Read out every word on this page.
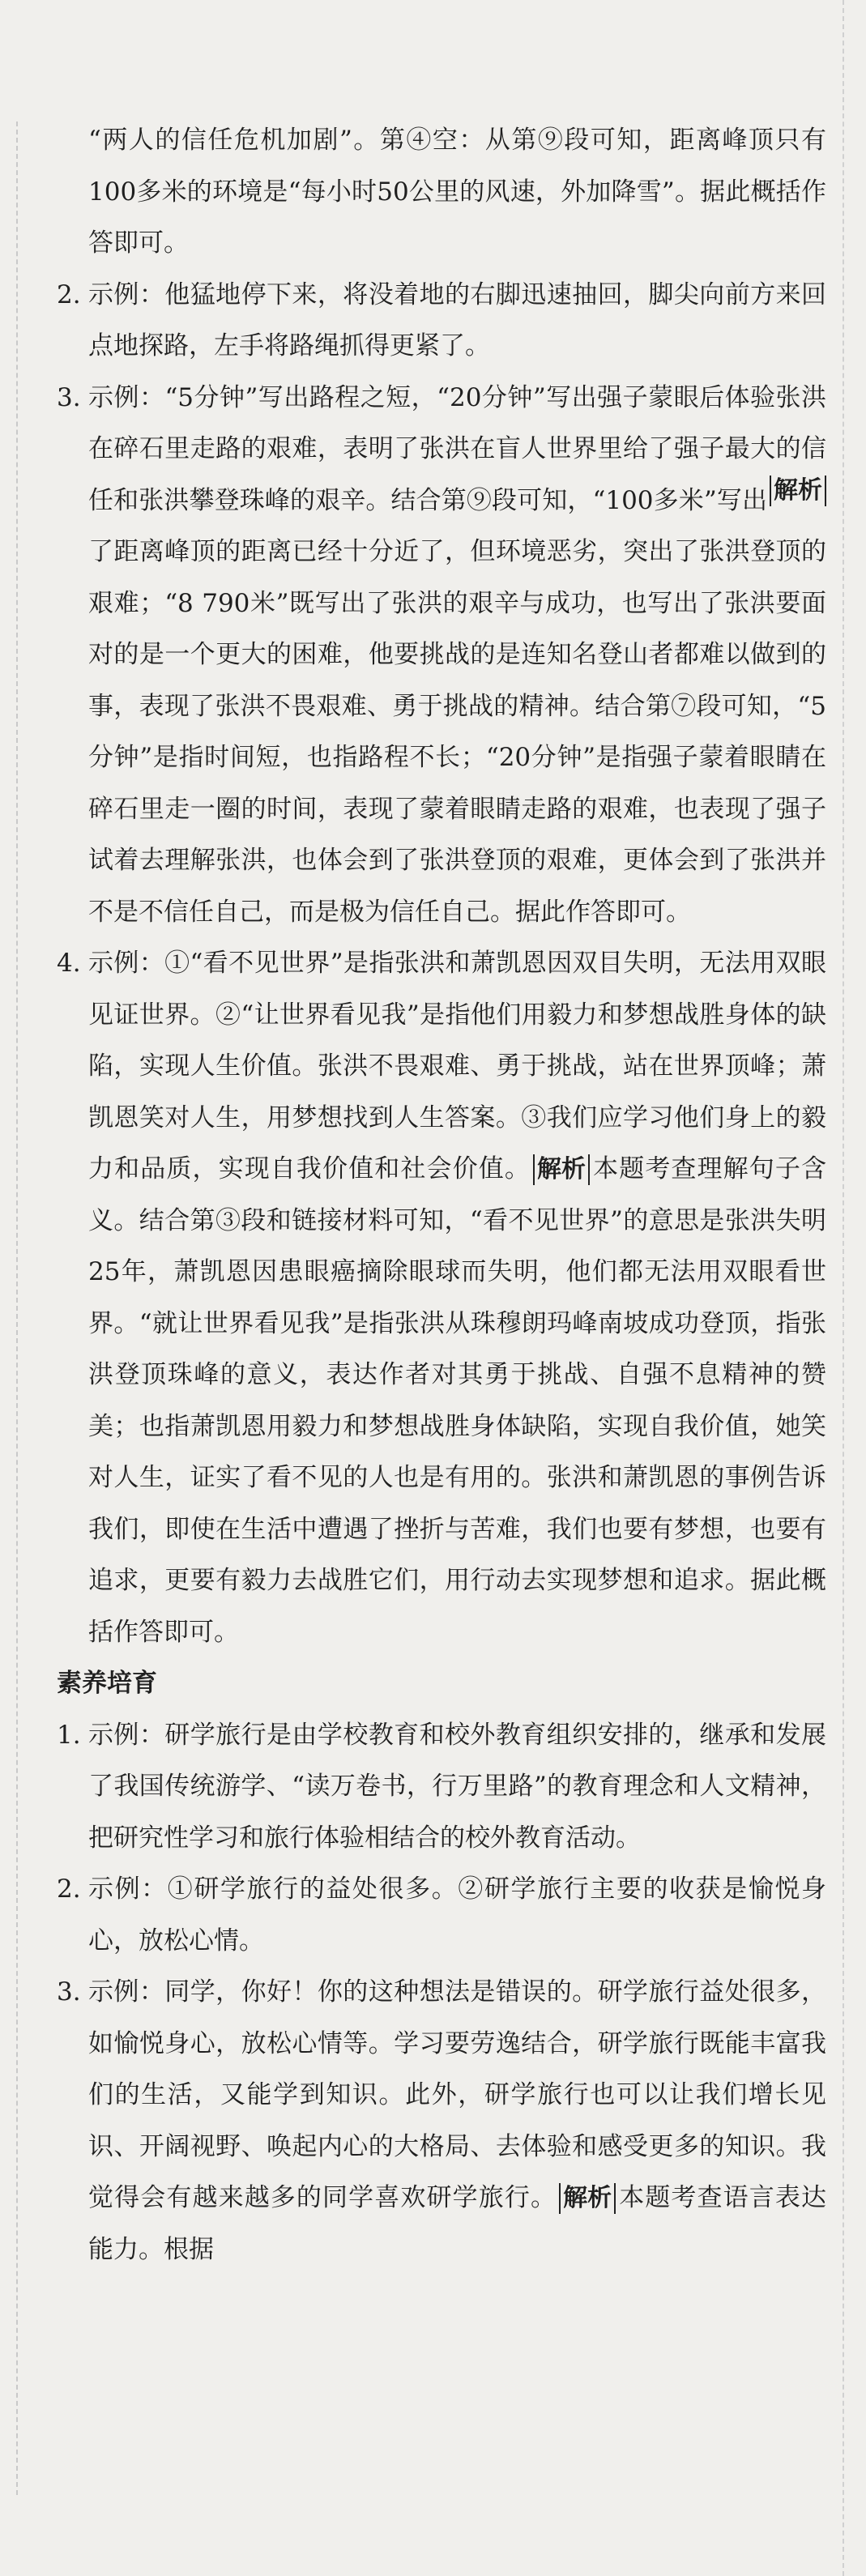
“两人的信任危机加剧”。第④空：从第⑨段可知，距离峰顶只有100多米的环境是“每小时50公里的风速，外加降雪”。据此概括作答即可。

2. 示例：他猛地停下来，将没着地的右脚迅速抽回，脚尖向前方来回点地探路，左手将路绳抓得更紧了。

3. 示例：“5分钟”写出路程之短，“20分钟”写出强子蒙眼后体验张洪在碎石里走路的艰难，表明了张洪在盲人世界里给了强子最大的信任和张洪攀登珠峰的艰辛。	解析
结合第⑨段可知，“100多米”写出了距离峰顶的距离已经十分近了，但环境恶劣，突出了张洪登顶的艰难；“8 790米”既写出了张洪的艰辛与成功，也写出了张洪要面对的是一个更大的困难，他要挑战的是连知名登山者都难以做到的事，表现了张洪不畏艰难、勇于挑战的精神。结合第⑦段可知，“5分钟”是指时间短，也指路程不长；“20分钟”是指强子蒙着眼睛在碎石里走一圈的时间，表现了蒙着眼睛走路的艰难，也表现了强子试着去理解张洪，也体会到了张洪登顶的艰难，更体会到了张洪并不是不信任自己，而是极为信任自己。据此作答即可。

4. 示例：①“看不见世界”是指张洪和萧凯恩因双目失明，无法用双眼见证世界。②“让世界看见我”是指他们用毅力和梦想战胜身体的缺陷，实现人生价值。张洪不畏艰难、勇于挑战，站在世界顶峰；萧凯恩笑对人生，用梦想找到人生答案。③我们应学习他们身上的毅力和品质，实现自我价值和社会价值。 解析 本题考查理解句子含义。结合第③段和链接材料可知，“看不见世界”的意思是张洪失明25年，萧凯恩因患眼癌摘除眼球而失明，他们都无法用双眼看世界。“就让世界看见我”是指张洪从珠穆朗玛峰南坡成功登顶，指张洪登顶珠峰的意义，表达作者对其勇于挑战、自强不息精神的赞美；也指萧凯恩用毅力和梦想战胜身体缺陷，实现自我价值，她笑对人生，证实了看不见的人也是有用的。张洪和萧凯恩的事例告诉我们，即使在生活中遭遇了挫折与苦难，我们也要有梦想，也要有追求，更要有毅力去战胜它们，用行动去实现梦想和追求。据此概括作答即可。

素养培育

1. 示例：研学旅行是由学校教育和校外教育组织安排的，继承和发展了我国传统游学、“读万卷书，行万里路”的教育理念和人文精神，把研究性学习和旅行体验相结合的校外教育活动。

2. 示例：①研学旅行的益处很多。②研学旅行主要的收获是愉悦身心，放松心情。

3. 示例：同学，你好！你的这种想法是错误的。研学旅行益处很多，如愉悦身心，放松心情等。学习要劳逸结合，研学旅行既能丰富我们的生活，又能学到知识。此外，研学旅行也可以让我们增长见识、开阔视野、唤起内心的大格局、去体验和感受更多的知识。我觉得会有越来越多的同学喜欢研学旅行。 解析 本题考查语言表达能力。根据
